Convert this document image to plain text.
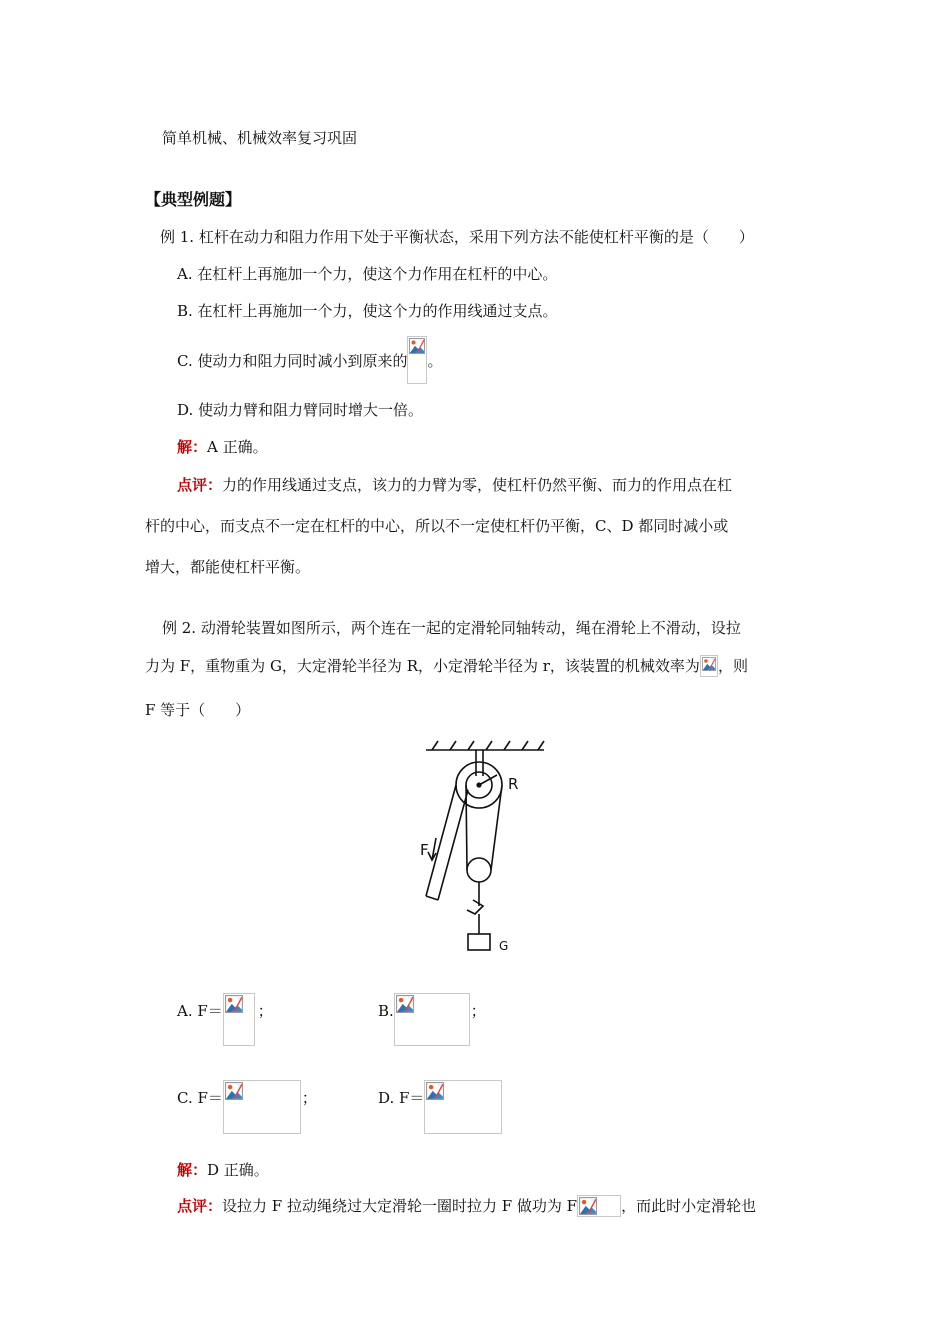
简单机械、机械效率复习巩固
【典型例题】
例 1. 杠杆在动力和阻力作用下处于平衡状态，采用下列方法不能使杠杆平衡的是（　　）
A. 在杠杆上再施加一个力，使这个力作用在杠杆的中心。
B. 在杠杆上再施加一个力，使这个力的作用线通过支点。
C. 使动力和阻力同时减小到原来的 。
D. 使动力臂和阻力臂同时增大一倍。
解：A 正确。
点评：力的作用线通过支点，该力的力臂为零，使杠杆仍然平衡、而力的作用点在杠
杆的中心，而支点不一定在杠杆的中心，所以不一定使杠杆仍平衡，C、D 都同时减小或
增大，都能使杠杆平衡。
例 2. 动滑轮装置如图所示，两个连在一起的定滑轮同轴转动，绳在滑轮上不滑动，设拉
力为 F，重物重为 G，大定滑轮半径为 R，小定滑轮半径为 r，该装置的机械效率为 ，则
F 等于（　　）
R
F
G
A. F＝ ；	B.	；
C. F＝	；	D. F＝
解：D 正确。
点评： 设拉力 F 拉动绳绕过大定滑轮一圈时拉力 F 做功为 F	，而此时小定滑轮也
